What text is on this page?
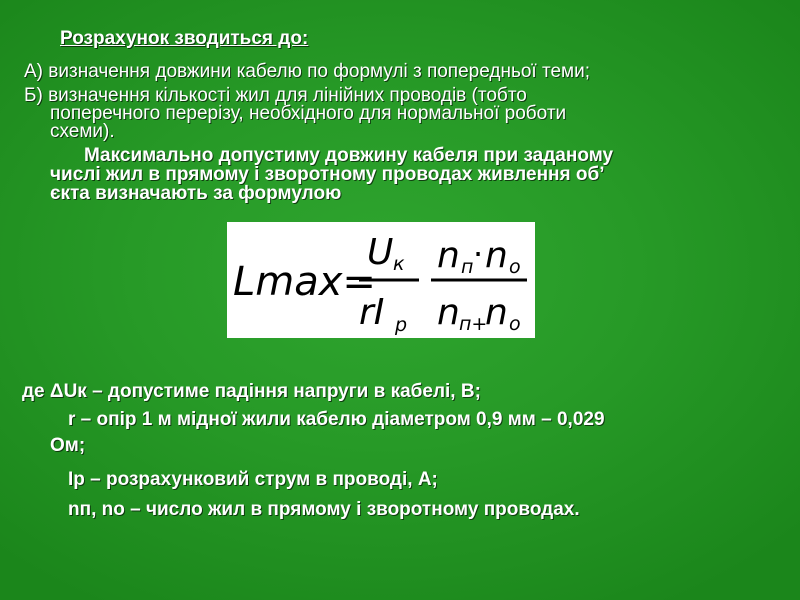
Розрахунок зводиться до:
А) визначення довжини кабелю по формулі з попередньої теми;
Б) визначення кількості жил для лінійних проводів (тобто
поперечного перерізу, необхідного для нормальної роботи
схеми).
Максимально допустиму довжину кабеля при заданому
числі жил в прямому і зворотному проводах живлення об’
єкта визначають за формулою
Lmax=
U к
rI р
n п · n о
n п+
n о
де ΔUк – допустиме падіння напруги в кабелі, В;
r – опір 1 м мідної жили кабелю діаметром 0,9 мм – 0,029
Ом;
Ір – розрахунковий струм в проводі, А;
nп, nо – число жил в прямому і зворотному проводах.
